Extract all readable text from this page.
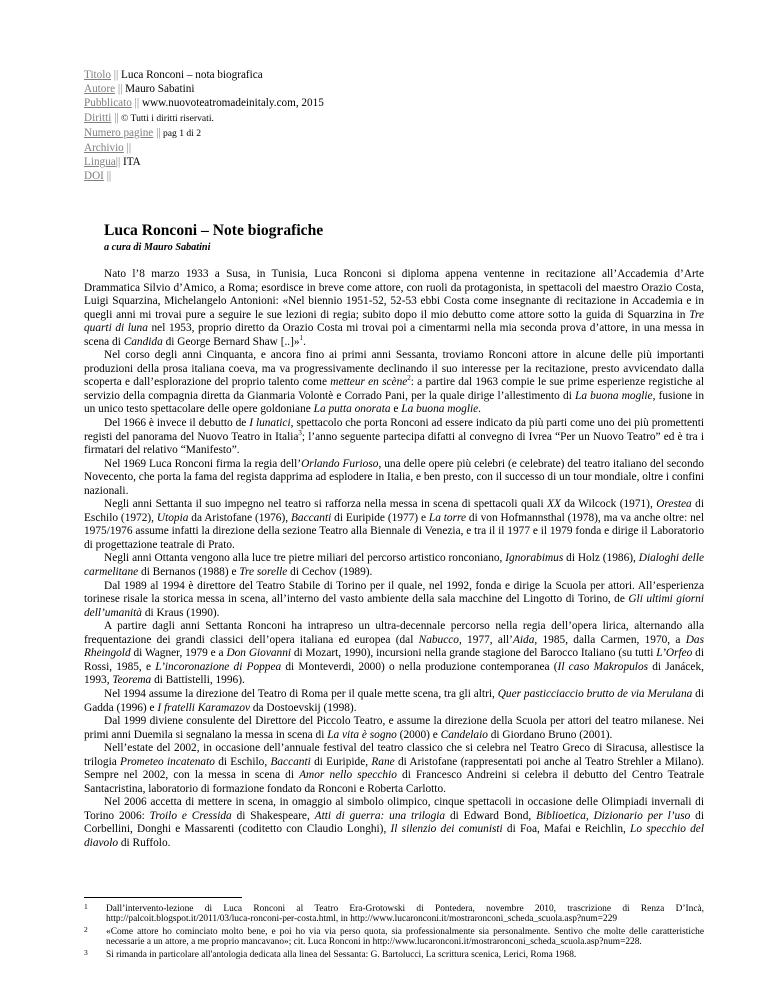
Titolo || Luca Ronconi – nota biografica
Autore || Mauro Sabatini
Pubblicato || www.nuovoteatromadeinitaly.com, 2015
Diritti || © Tutti i diritti riservati.
Numero pagine || pag 1 di 2
Archivio ||
Lingua|| ITA
DOI ||
Luca Ronconi – Note biografiche
a cura di Mauro Sabatini

Nato l’8 marzo 1933 a Susa, in Tunisia, Luca Ronconi si diploma appena ventenne in recitazione all’Accademia d’Arte Drammatica Silvio d’Amico, a Roma; esordisce in breve come attore, con ruoli da protagonista, in spettacoli del maestro Orazio Costa, Luigi Squarzina, Michelangelo Antonioni: «Nel biennio 1951-52, 52-53 ebbi Costa come insegnante di recitazione in Accademia e in quegli anni mi trovai pure a seguire le sue lezioni di regia; subito dopo il mio debutto come attore sotto la guida di Squarzina in Tre quarti di luna nel 1953, proprio diretto da Orazio Costa mi trovai poi a cimentarmi nella mia seconda prova d’attore, in una messa in scena di Candida di George Bernard Shaw [..]»$^1$.

Nel corso degli anni Cinquanta, e ancora fino ai primi anni Sessanta, troviamo Ronconi attore in alcune delle più importanti produzioni della prosa italiana coeva, ma va progressivamente declinando il suo interesse per la recitazione, presto avvicendato dalla scoperta e dall’esplorazione del proprio talento come metteur en scène$^2$: a partire dal 1963 compie le sue prime esperienze registiche al servizio della compagnia diretta da Gianmaria Volontè e Corrado Pani, per la quale dirige l’allestimento di La buona moglie, fusione in un unico testo spettacolare delle opere goldoniane La putta onorata e La buona moglie.

Del 1966 è invece il debutto de I lunatici, spettacolo che porta Ronconi ad essere indicato da più parti come uno dei più promettenti registi del panorama del Nuovo Teatro in Italia$^3$; l’anno seguente partecipa difatti al convegno di Ivrea “Per un Nuovo Teatro” ed è tra i firmatari del relativo “Manifesto”.

Nel 1969 Luca Ronconi firma la regia dell’Orlando Furioso, una delle opere più celebri (e celebrate) del teatro italiano del secondo Novecento, che porta la fama del regista dapprima ad esplodere in Italia, e ben presto, con il successo di un tour mondiale, oltre i confini nazionali.

Negli anni Settanta il suo impegno nel teatro si rafforza nella messa in scena di spettacoli quali XX da Wilcock (1971), Orestea di Eschilo (1972), Utopia da Aristofane (1976), Baccanti di Euripide (1977) e La torre di von Hofmannsthal (1978), ma va anche oltre: nel 1975/1976 assume infatti la direzione della sezione Teatro alla Biennale di Venezia, e tra il il 1977 e il 1979 fonda e dirige il Laboratorio di progettazione teatrale di Prato.

Negli anni Ottanta vengono alla luce tre pietre miliari del percorso artistico ronconiano, Ignorabimus di Holz (1986), Dialoghi delle carmelitane di Bernanos (1988) e Tre sorelle di Cechov (1989).

Dal 1989 al 1994 è direttore del Teatro Stabile di Torino per il quale, nel 1992, fonda e dirige la Scuola per attori. All’esperienza torinese risale la storica messa in scena, all’interno del vasto ambiente della sala macchine del Lingotto di Torino, de Gli ultimi giorni dell’umanità di Kraus (1990).

A partire dagli anni Settanta Ronconi ha intrapreso un ultra-decennale percorso nella regia dell’opera lirica, alternando alla frequentazione dei grandi classici dell’opera italiana ed europea (dal Nabucco, 1977, all’Aida, 1985, dalla Carmen, 1970, a Das Rheingold di Wagner, 1979 e a Don Giovanni di Mozart, 1990), incursioni nella grande stagione del Barocco Italiano (su tutti L’Orfeo di Rossi, 1985, e L’incoronazione di Poppea di Monteverdi, 2000) o nella produzione contemporanea (Il caso Makropulos di Janácek, 1993, Teorema di Battistelli, 1996).

Nel 1994 assume la direzione del Teatro di Roma per il quale mette scena, tra gli altri, Quer pasticciaccio brutto de via Merulana di Gadda (1996) e I fratelli Karamazov da Dostoevskij (1998).

Dal 1999 diviene consulente del Direttore del Piccolo Teatro, e assume la direzione della Scuola per attori del teatro milanese. Nei primi anni Duemila si segnalano la messa in scena di La vita è sogno (2000) e Candelaio di Giordano Bruno (2001).

Nell’estate del 2002, in occasione dell’annuale festival del teatro classico che si celebra nel Teatro Greco di Siracusa, allestisce la trilogia Prometeo incatenato di Eschilo, Baccanti di Euripide, Rane di Aristofane (rappresentati poi anche al Teatro Strehler a Milano). Sempre nel 2002, con la messa in scena di Amor nello specchio di Francesco Andreini si celebra il debutto del Centro Teatrale Santacristina, laboratorio di formazione fondato da Ronconi e Roberta Carlotto.

Nel 2006 accetta di mettere in scena, in omaggio al simbolo olimpico, cinque spettacoli in occasione delle Olimpiadi invernali di Torino 2006: Troilo e Cressida di Shakespeare, Atti di guerra: una trilogia di Edward Bond, Biblioetica, Dizionario per l’uso di Corbellini, Donghi e Massarenti (coditetto con Claudio Longhi), Il silenzio dei comunisti di Foa, Mafai e Reichlin, Lo specchio del diavolo di Ruffolo.

1 Dall’intervento-lezione di Luca Ronconi al Teatro Era-Grotowski di Pontedera, novembre 2010, trascrizione di Renza D’Incà, http://palcoit.blogspot.it/2011/03/luca-ronconi-per-costa.html, in http://www.lucaronconi.it/mostraronconi_scheda_scuola.asp?num=229
2 «Come attore ho cominciato molto bene, e poi ho via via perso quota, sia professionalmente sia personalmente. Sentivo che molte delle caratteristiche necessarie a un attore, a me proprio mancavano»; cit. Luca Ronconi in http://www.lucaronconi.it/mostraronconi_scheda_scuola.asp?num=228.
3 Si rimanda in particolare all'antologia dedicata alla linea del Sessanta: G. Bartolucci, La scrittura scenica, Lerici, Roma 1968.
